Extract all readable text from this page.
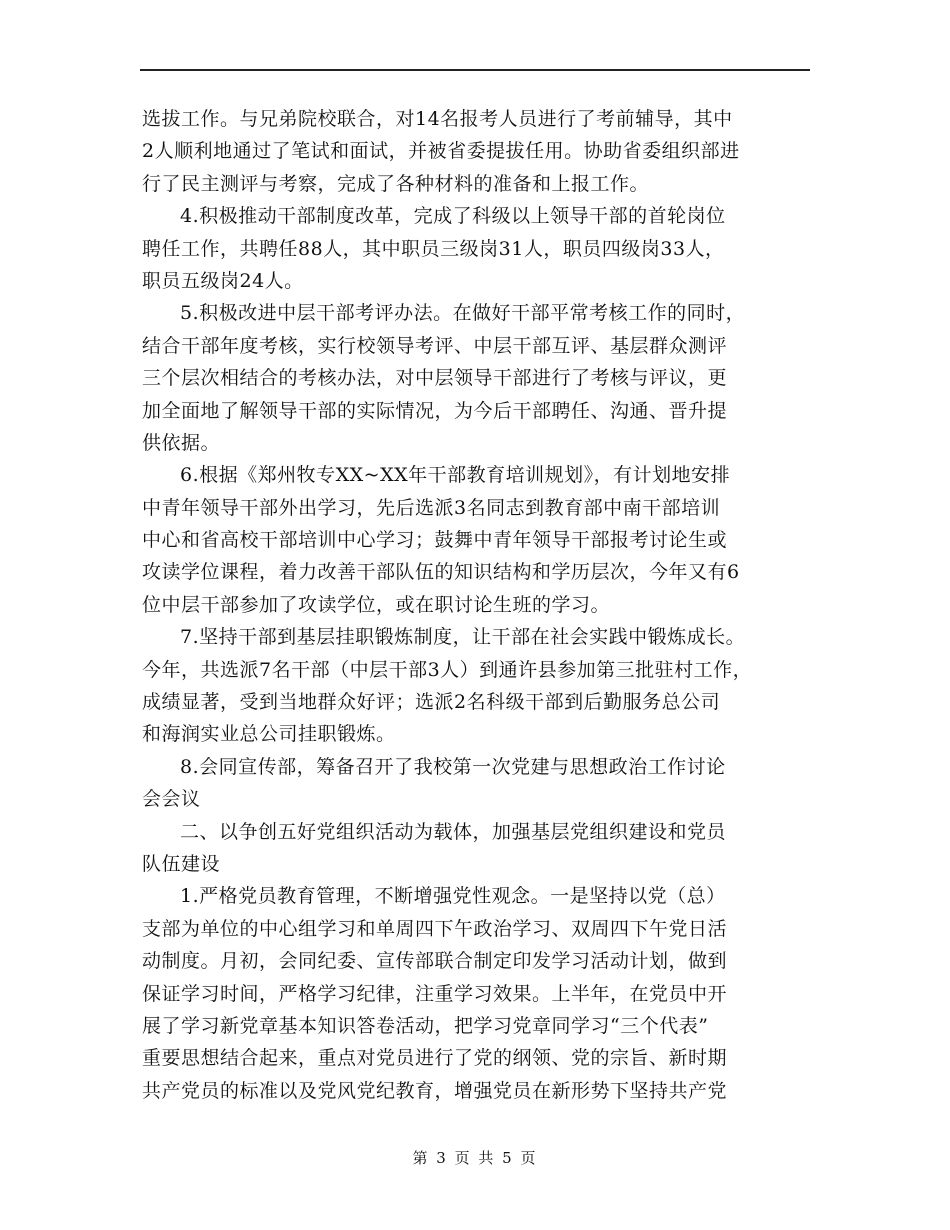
选拔工作。与兄弟院校联合，对14名报考人员进行了考前辅导，其中
2人顺利地通过了笔试和面试，并被省委提拔任用。协助省委组织部进
行了民主测评与考察，完成了各种材料的准备和上报工作。
4.积极推动干部制度改革，完成了科级以上领导干部的首轮岗位
聘任工作，共聘任88人，其中职员三级岗31人，职员四级岗33人，
职员五级岗24人。
5.积极改进中层干部考评办法。在做好干部平常考核工作的同时，
结合干部年度考核，实行校领导考评、中层干部互评、基层群众测评
三个层次相结合的考核办法，对中层领导干部进行了考核与评议，更
加全面地了解领导干部的实际情况，为今后干部聘任、沟通、晋升提
供依据。
6.根据《郑州牧专XX~XX年干部教育培训规划》，有计划地安排
中青年领导干部外出学习，先后选派3名同志到教育部中南干部培训
中心和省高校干部培训中心学习；鼓舞中青年领导干部报考讨论生或
攻读学位课程，着力改善干部队伍的知识结构和学历层次，今年又有6
位中层干部参加了攻读学位，或在职讨论生班的学习。
7.坚持干部到基层挂职锻炼制度，让干部在社会实践中锻炼成长。
今年，共选派7名干部（中层干部3人）到通许县参加第三批驻村工作，
成绩显著，受到当地群众好评；选派2名科级干部到后勤服务总公司
和海润实业总公司挂职锻炼。
8.会同宣传部，筹备召开了我校第一次党建与思想政治工作讨论
会会议
二、以争创五好党组织活动为载体，加强基层党组织建设和党员
队伍建设
1.严格党员教育管理，不断增强党性观念。一是坚持以党（总）
支部为单位的中心组学习和单周四下午政治学习、双周四下午党日活
动制度。月初，会同纪委、宣传部联合制定印发学习活动计划，做到
保证学习时间，严格学习纪律，注重学习效果。上半年，在党员中开
展了学习新党章基本知识答卷活动，把学习党章同学习“三个代表”
重要思想结合起来，重点对党员进行了党的纲领、党的宗旨、新时期
共产党员的标准以及党风党纪教育，增强党员在新形势下坚持共产党
第 3 页 共 5 页
